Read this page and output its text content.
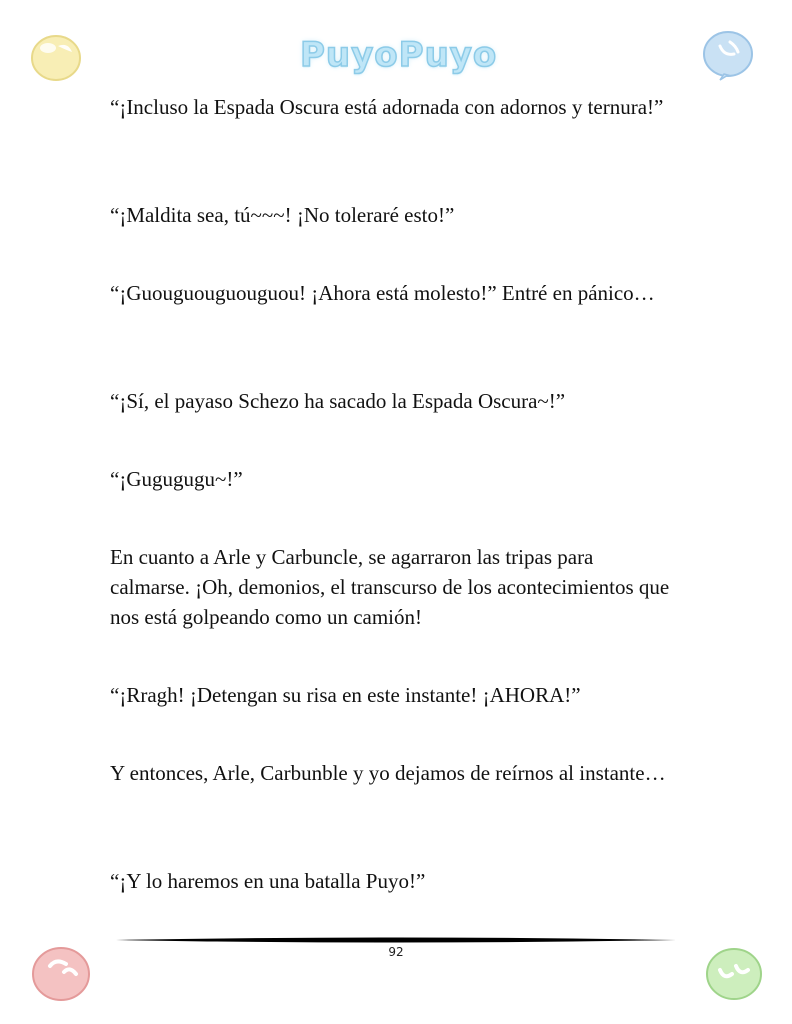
PuyoPuyo

“¡Incluso la Espada Oscura está adornada con adornos y ternura!”

“¡Maldita sea, tú~~~! ¡No toleraré esto!”

“¡Guouguouguouguou! ¡Ahora está molesto!” Entré en pánico…

“¡Sí, el payaso Schezo ha sacado la Espada Oscura~!”

“¡Gugugugu~!”

En cuanto a Arle y Carbuncle, se agarraron las tripas para calmarse. ¡Oh, demonios, el transcurso de los acontecimientos que nos está golpeando como un camión!

“¡Rragh! ¡Detengan su risa en este instante! ¡AHORA!”

Y entonces, Arle, Carbunble y yo dejamos de reírnos al instante…

“¡Y lo haremos en una batalla Puyo!”

92
